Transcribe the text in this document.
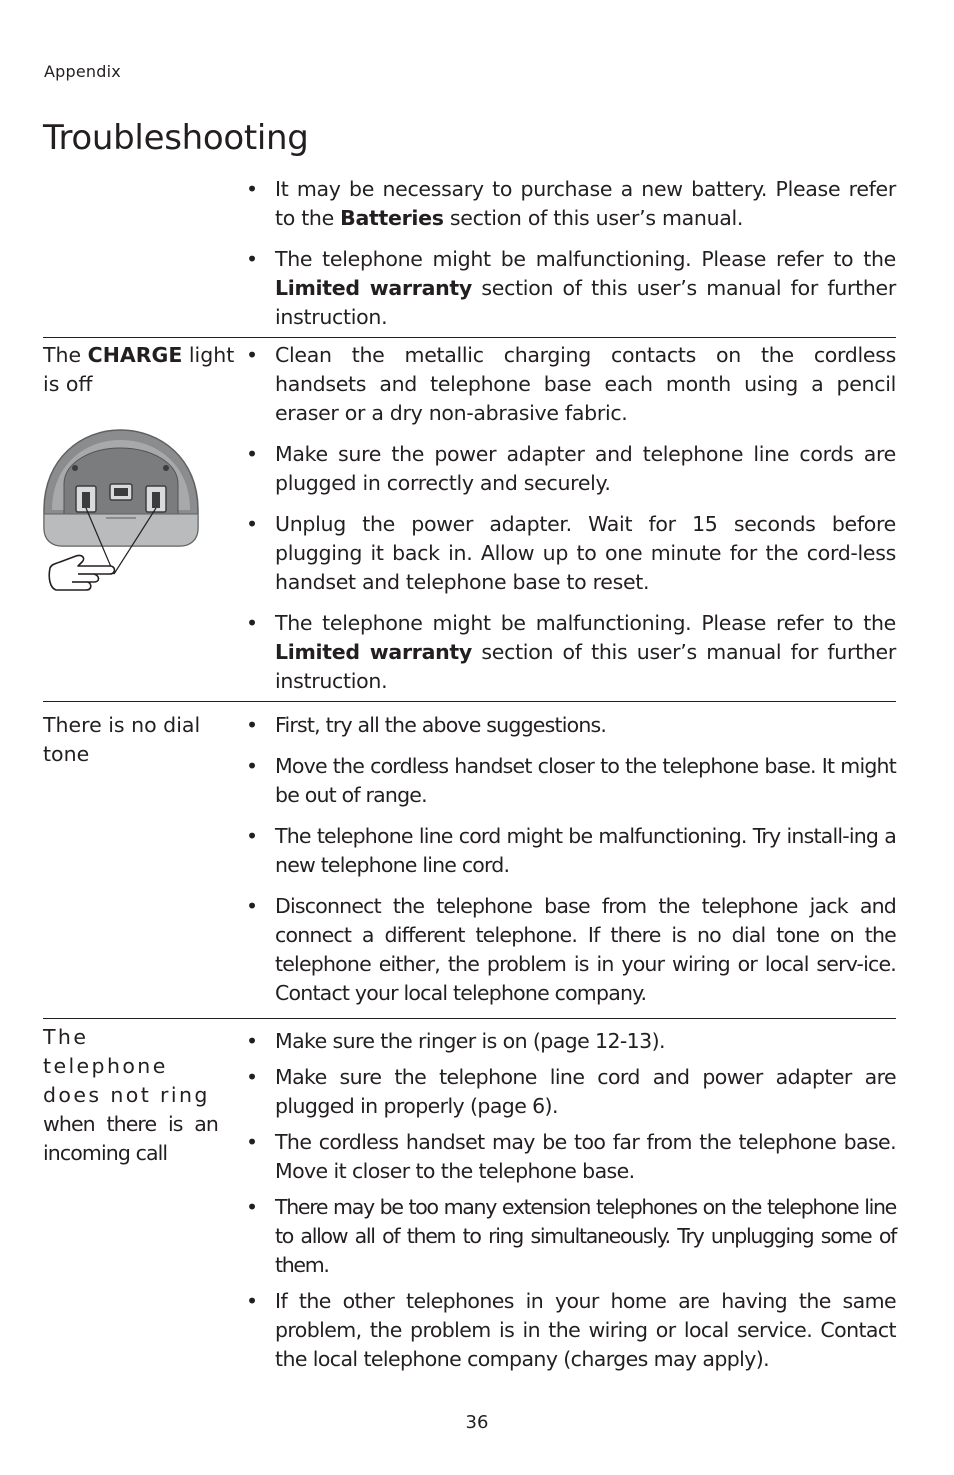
Appendix
Troubleshooting
• It may be necessary to purchase a new battery. Please refer to the Batteries section of this user’s manual.
• The telephone might be malfunctioning. Please refer to the Limited warranty section of this user’s manual for further instruction.
The CHARGE light is off
• Clean the metallic charging contacts on the cordless handsets and telephone base each month using a pencil eraser or a dry non-abrasive fabric.
• Make sure the power adapter and telephone line cords are plugged in correctly and securely.
• Unplug the power adapter. Wait for 15 seconds before plugging it back in. Allow up to one minute for the cord-less handset and telephone base to reset.
• The telephone might be malfunctioning. Please refer to the Limited warranty section of this user’s manual for further instruction.
There is no dial tone
• First, try all the above suggestions.
• Move the cordless handset closer to the telephone base. It might be out of range.
• The telephone line cord might be malfunctioning. Try install-ing a new telephone line cord.
• Disconnect the telephone base from the telephone jack and connect a different telephone. If there is no dial tone on the telephone either, the problem is in your wiring or local serv-ice. Contact your local telephone company.
The telephone does not ring
when there is an incoming call
• Make sure the ringer is on (page 12-13).
• Make sure the telephone line cord and power adapter are plugged in properly (page 6).
• The cordless handset may be too far from the telephone base. Move it closer to the telephone base.
• There may be too many extension telephones on the telephone line to allow all of them to ring simultaneously. Try unplugging some of them.
• If the other telephones in your home are having the same problem, the problem is in the wiring or local service. Contact the local telephone company (charges may apply).
36
